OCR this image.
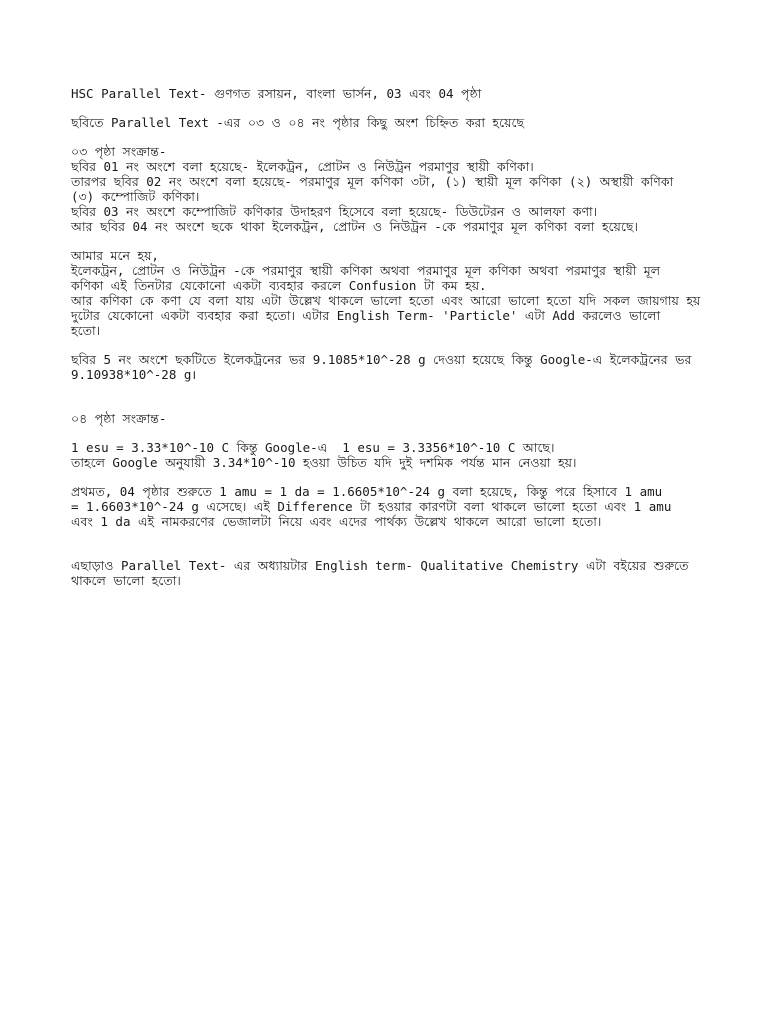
HSC Parallel Text- গুণগত রসায়ন, বাংলা ভার্সন, 03 এবং 04 পৃষ্ঠা

ছবিতে Parallel Text -এর ০৩ ও ০৪ নং পৃষ্ঠার কিছু অংশ চিহ্নিত করা হয়েছে

০৩ পৃষ্ঠা সংক্রান্ত-

ছবির 01 নং অংশে বলা হয়েছে- ইলেকট্রন, প্রোটন ও নিউট্রন পরমাণুর স্থায়ী কণিকা।

তারপর ছবির 02 নং অংশে বলা হয়েছে- পরমাণুর মূল কণিকা ৩টা, (১) স্থায়ী মূল কণিকা (২) অস্থায়ী কণিকা

(৩) কম্পোজিট কণিকা।

ছবির 03 নং অংশে কম্পোজিট কণিকার উদাহরণ হিসেবে বলা হয়েছে- ডিউটেরন ও আলফা কণা।

আর ছবির 04 নং অংশে ছকে থাকা ইলেকট্রন, প্রোটন ও নিউট্রন -কে পরমাণুর মূল কণিকা বলা হয়েছে।

আমার মনে হয়,

ইলেকট্রন, প্রোটন ও নিউট্রন -কে পরমাণুর স্থায়ী কণিকা অথবা পরমাণুর মূল কণিকা অথবা পরমাণুর স্থায়ী মূল

কণিকা এই তিনটার যেকোনো একটা ব্যবহার করলে Confusion টা কম হয়.

আর কণিকা কে কণা যে বলা যায় এটা উল্লেখ থাকলে ভালো হতো এবং আরো ভালো হতো যদি সকল জায়গায় হয়

দুটোর যেকোনো একটা ব্যবহার করা হতো। এটার English Term- 'Particle' এটা Add করলেও ভালো

হতো।

ছবির 5 নং অংশে ছকটিতে ইলেকট্রনের ভর 9.1085*10^-28 g দেওয়া হয়েছে কিন্তু Google-এ ইলেকট্রনের ভর

9.10938*10^-28 g।

০৪ পৃষ্ঠা সংক্রান্ত-

1 esu = 3.33*10^-10 C কিন্তু Google-এ  1 esu = 3.3356*10^-10 C আছে।

তাহলে Google অনুযায়ী 3.34*10^-10 হওয়া উচিত যদি দুই দশমিক পর্যন্ত মান নেওয়া হয়।

প্রথমত, 04 পৃষ্ঠার শুরুতে 1 amu = 1 da = 1.6605*10^-24 g বলা হয়েছে, কিন্তু পরে হিসাবে 1 amu

= 1.6603*10^-24 g এসেছে। এই Difference টা হওয়ার কারণটা বলা থাকলে ভালো হতো এবং 1 amu

এবং 1 da এই নামকরণের ভেজালটা নিয়ে এবং এদের পার্থক্য উল্লেখ থাকলে আরো ভালো হতো।

এছাড়াও Parallel Text- এর অধ্যায়টার English term- Qualitative Chemistry এটা বইয়ের শুরুতে

থাকলে ভালো হতো।
